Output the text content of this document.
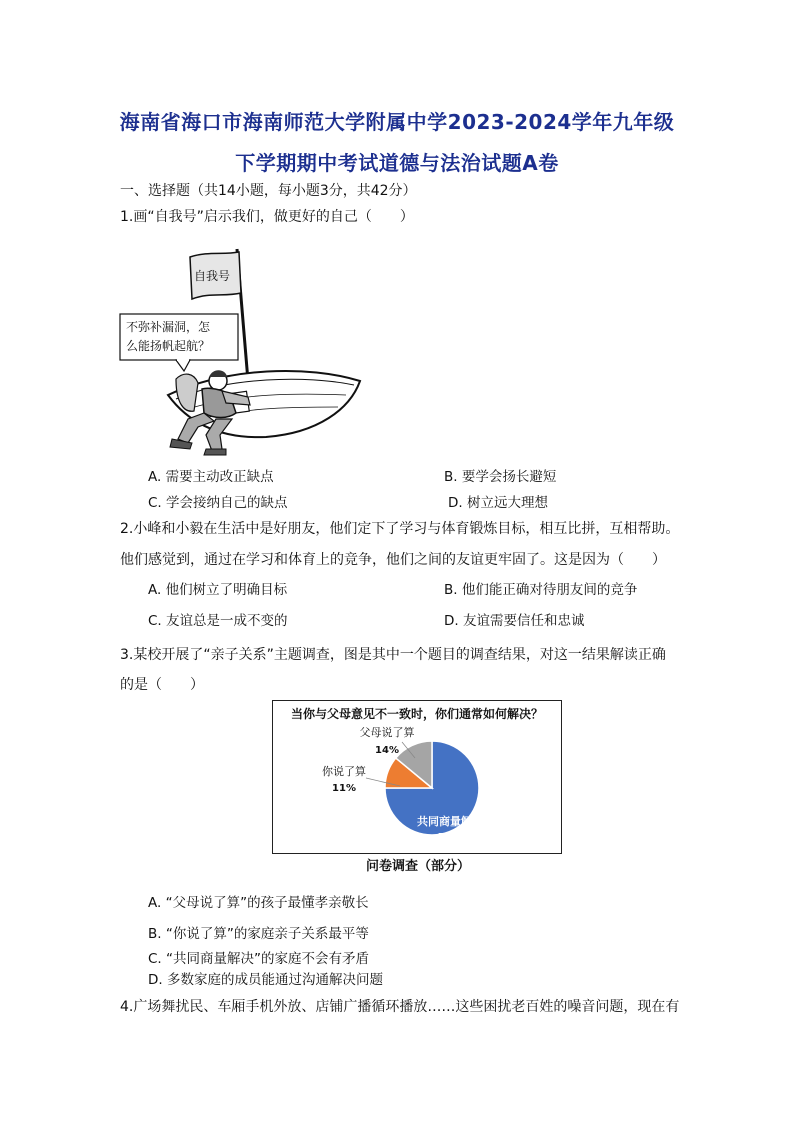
海南省海口市海南师范大学附属中学2023-2024学年九年级
下学期期中考试道德与法治试题A卷
一、选择题（共14小题，每小题3分，共42分）
1.画“自我号”启示我们，做更好的自己（　　）
自我号
不弥补漏洞，怎
么能扬帆起航？
A. 需要主动改正缺点	B. 要学会扬长避短
C. 学会接纳自己的缺点	D. 树立远大理想
2.小峰和小毅在生活中是好朋友，他们定下了学习与体育锻炼目标，相互比拼，互相帮助。
他们感觉到，通过在学习和体育上的竞争，他们之间的友谊更牢固了。这是因为（　　）
A. 他们树立了明确目标	B. 他们能正确对待朋友间的竞争
C. 友谊总是一成不变的	D. 友谊需要信任和忠诚
3.某校开展了“亲子关系”主题调查，图是其中一个题目的调查结果，对这一结果解读正确
的是（　　）
当你与父母意见不一致时，你们通常如何解决？
父母说了算
14%
你说了算
11%
共同商量解决
75%
问卷调查（部分）
A. “父母说了算”的孩子最懂孝亲敬长
B. “你说了算”的家庭亲子关系最平等
C. “共同商量解决”的家庭不会有矛盾
D. 多数家庭的成员能通过沟通解决问题
4.广场舞扰民、车厢手机外放、店铺广播循环播放……这些困扰老百姓的噪音问题，现在有
